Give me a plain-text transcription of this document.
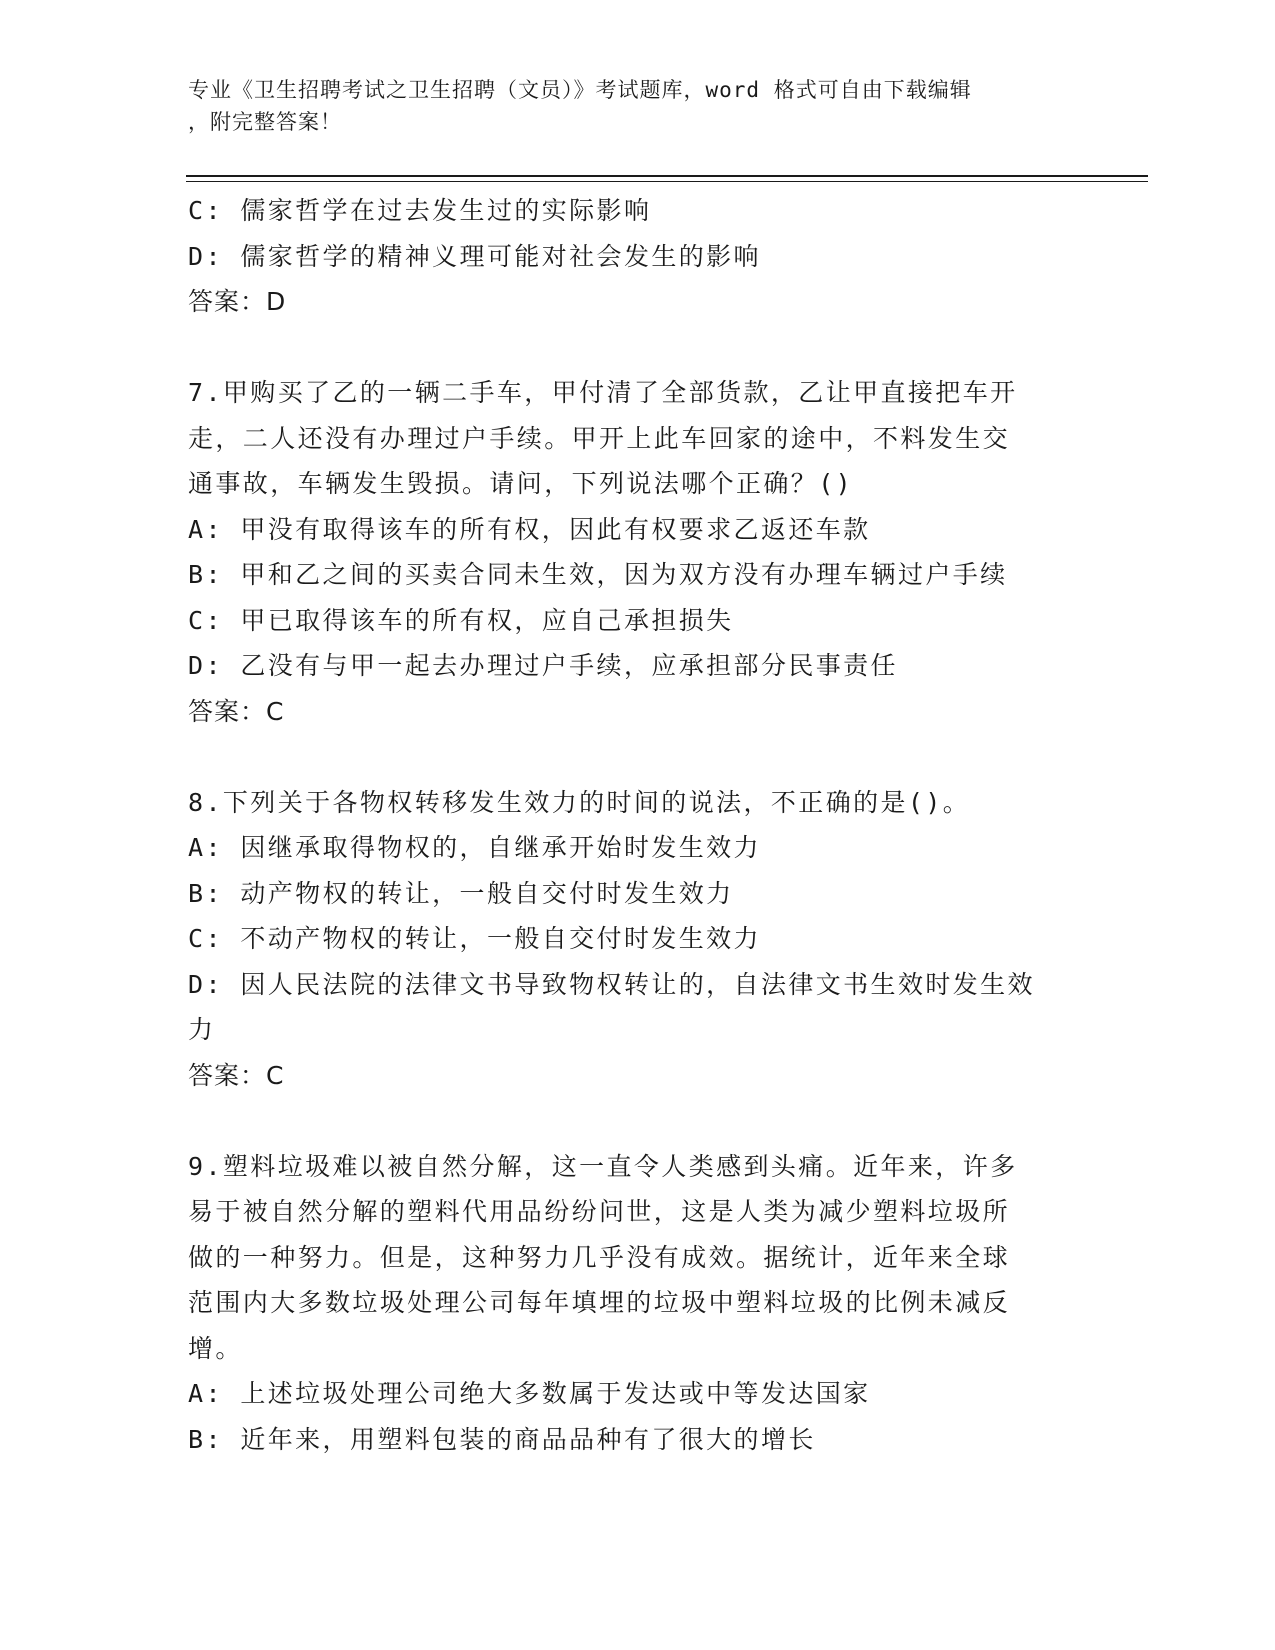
专业《卫生招聘考试之卫生招聘（文员）》考试题库，word 格式可自由下载编辑
，附完整答案！
C: 儒家哲学在过去发生过的实际影响
D: 儒家哲学的精神义理可能对社会发生的影响
答案：D
7.甲购买了乙的一辆二手车，甲付清了全部货款，乙让甲直接把车开
走，二人还没有办理过户手续。甲开上此车回家的途中，不料发生交
通事故，车辆发生毁损。请问，下列说法哪个正确？()
A: 甲没有取得该车的所有权，因此有权要求乙返还车款
B: 甲和乙之间的买卖合同未生效，因为双方没有办理车辆过户手续
C: 甲已取得该车的所有权，应自己承担损失
D: 乙没有与甲一起去办理过户手续，应承担部分民事责任
答案：C
8.下列关于各物权转移发生效力的时间的说法，不正确的是()。
A: 因继承取得物权的，自继承开始时发生效力
B: 动产物权的转让，一般自交付时发生效力
C: 不动产物权的转让，一般自交付时发生效力
D: 因人民法院的法律文书导致物权转让的，自法律文书生效时发生效
力
答案：C
9.塑料垃圾难以被自然分解，这一直令人类感到头痛。近年来，许多
易于被自然分解的塑料代用品纷纷问世，这是人类为减少塑料垃圾所
做的一种努力。但是，这种努力几乎没有成效。据统计，近年来全球
范围内大多数垃圾处理公司每年填埋的垃圾中塑料垃圾的比例未减反
增。
A: 上述垃圾处理公司绝大多数属于发达或中等发达国家
B: 近年来，用塑料包装的商品品种有了很大的增长
